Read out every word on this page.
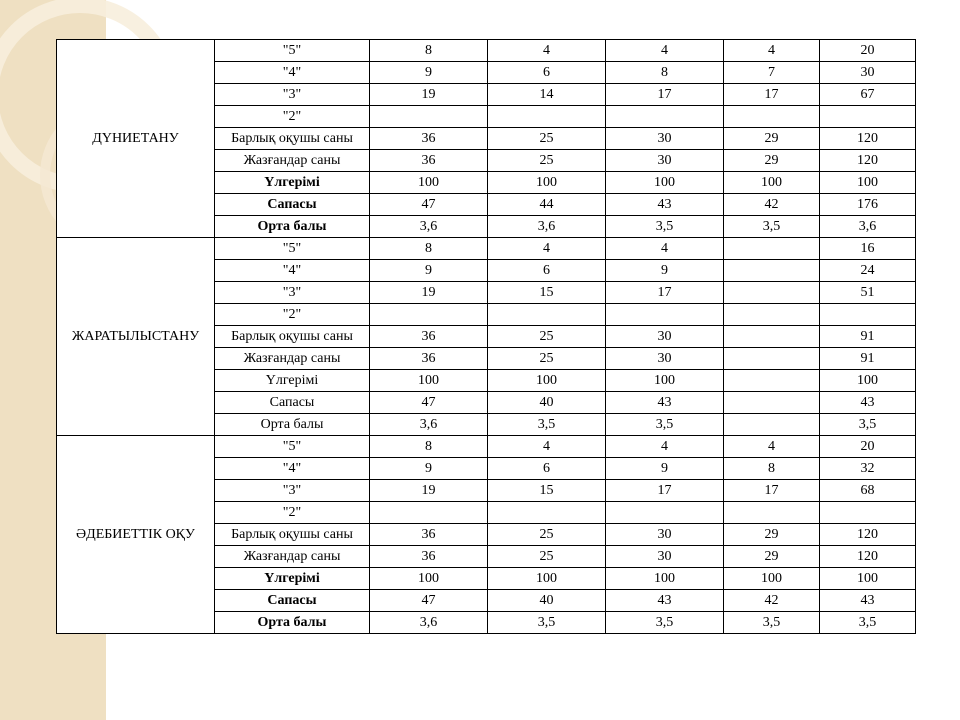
ДҮНИЕТАНУ	"5"	8	4	4	4	20
	"4"	9	6	8	7	30
	"3"	19	14	17	17	67
	"2"					
	Барлық оқушы саны	36	25	30	29	120
	Жазғандар саны	36	25	30	29	120
	Үлгерімі	100	100	100	100	100
	Сапасы	47	44	43	42	176
	Орта балы	3,6	3,6	3,5	3,5	3,6
ЖАРАТЫЛЫСТАНУ	"5"	8	4	4		16
	"4"	9	6	9		24
	"3"	19	15	17		51
	"2"					
	Барлық оқушы саны	36	25	30		91
	Жазғандар саны	36	25	30		91
	Үлгерімі	100	100	100		100
	Сапасы	47	40	43		43
	Орта балы	3,6	3,5	3,5		3,5
ӘДЕБИЕТТІК ОҚУ	"5"	8	4	4	4	20
	"4"	9	6	9	8	32
	"3"	19	15	17	17	68
	"2"					
	Барлық оқушы саны	36	25	30	29	120
	Жазғандар саны	36	25	30	29	120
	Үлгерімі	100	100	100	100	100
	Сапасы	47	40	43	42	43
	Орта балы	3,6	3,5	3,5	3,5	3,5
